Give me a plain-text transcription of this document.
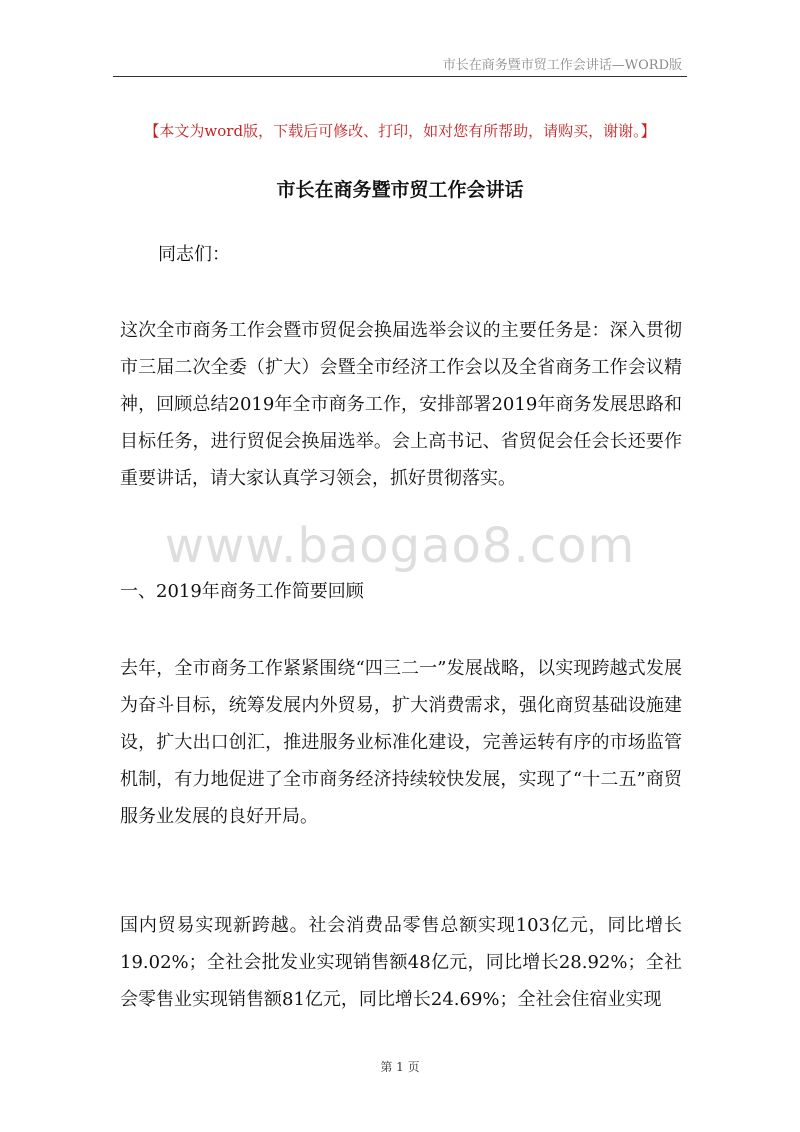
市长在商务暨市贸工作会讲话—WORD版
【本文为word版，下载后可修改、打印，如对您有所帮助，请购买，谢谢。】
市长在商务暨市贸工作会讲话

同志们：

这次全市商务工作会暨市贸促会换届选举会议的主要任务是：深入贯彻市三届二次全委（扩大）会暨全市经济工作会以及全省商务工作会议精神，回顾总结2019年全市商务工作，安排部署2019年商务发展思路和目标任务，进行贸促会换届选举。会上高书记、省贸促会任会长还要作重要讲话，请大家认真学习领会，抓好贯彻落实。

www.baogao8.com

一、2019年商务工作简要回顾

去年，全市商务工作紧紧围绕“四三二一”发展战略，以实现跨越式发展为奋斗目标，统筹发展内外贸易，扩大消费需求，强化商贸基础设施建设，扩大出口创汇，推进服务业标准化建设，完善运转有序的市场监管机制，有力地促进了全市商务经济持续较快发展，实现了“十二五”商贸服务业发展的良好开局。

国内贸易实现新跨越。社会消费品零售总额实现103亿元，同比增长19.02%；全社会批发业实现销售额48亿元，同比增长28.92%；全社会零售业实现销售额81亿元，同比增长24.69%；全社会住宿业实现

第 1 页
